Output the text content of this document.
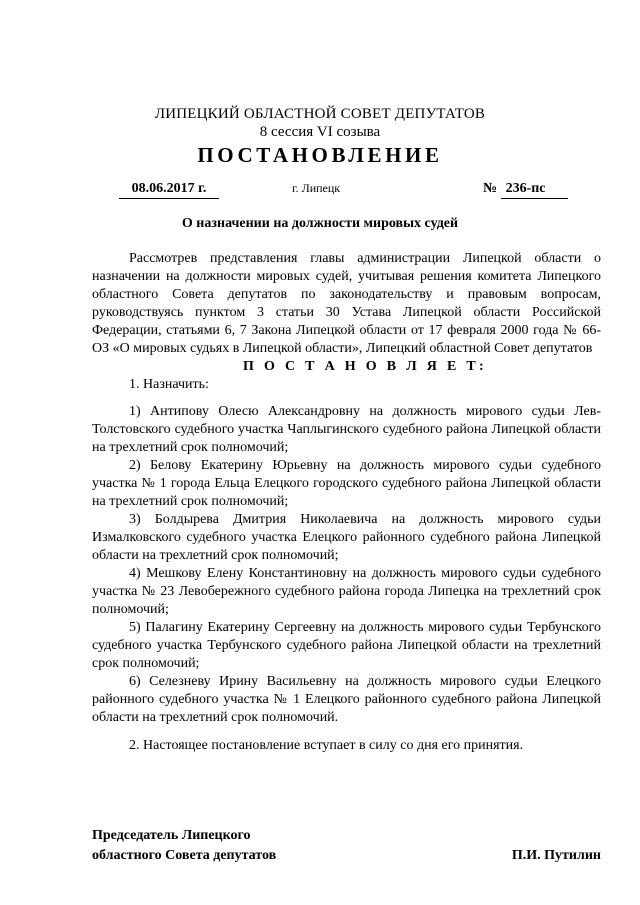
ЛИПЕЦКИЙ ОБЛАСТНОЙ СОВЕТ ДЕПУТАТОВ
8 сессия VI созыва
ПОСТАНОВЛЕНИЕ
08.06.2017 г.	г. Липецк	№ 236-пс
О назначении на должности мировых судей

Рассмотрев представления главы администрации Липецкой области о назначении на должности мировых судей, учитывая решения комитета Липецкого областного Совета депутатов по законодательству и правовым вопросам, руководствуясь пунктом 3 статьи 30 Устава Липецкой области Российской Федерации, статьями 6, 7 Закона Липецкой области от 17 февраля 2000 года № 66-ОЗ «О мировых судьях в Липецкой области», Липецкий областной Совет депутатов

П О С Т А Н О В Л Я Е Т:

1. Назначить:

1) Антипову Олесю Александровну на должность мирового судьи Лев-Толстовского судебного участка Чаплыгинского судебного района Липецкой области на трехлетний срок полномочий;

2) Белову Екатерину Юрьевну на должность мирового судьи судебного участка № 1 города Ельца Елецкого городского судебного района Липецкой области на трехлетний срок полномочий;

3) Болдырева Дмитрия Николаевича на должность мирового судьи Измалковского судебного участка Елецкого районного судебного района Липецкой области на трехлетний срок полномочий;

4) Мешкову Елену Константиновну на должность мирового судьи судебного участка № 23 Левобережного судебного района города Липецка на трехлетний срок полномочий;

5) Палагину Екатерину Сергеевну на должность мирового судьи Тербунского судебного участка Тербунского судебного района Липецкой области на трехлетний срок полномочий;

6) Селезневу Ирину Васильевну на должность мирового судьи Елецкого районного судебного участка № 1 Елецкого районного судебного района Липецкой области на трехлетний срок полномочий.

2. Настоящее постановление вступает в силу со дня его принятия.

Председатель Липецкого
областного Совета депутатов	П.И. Путилин
